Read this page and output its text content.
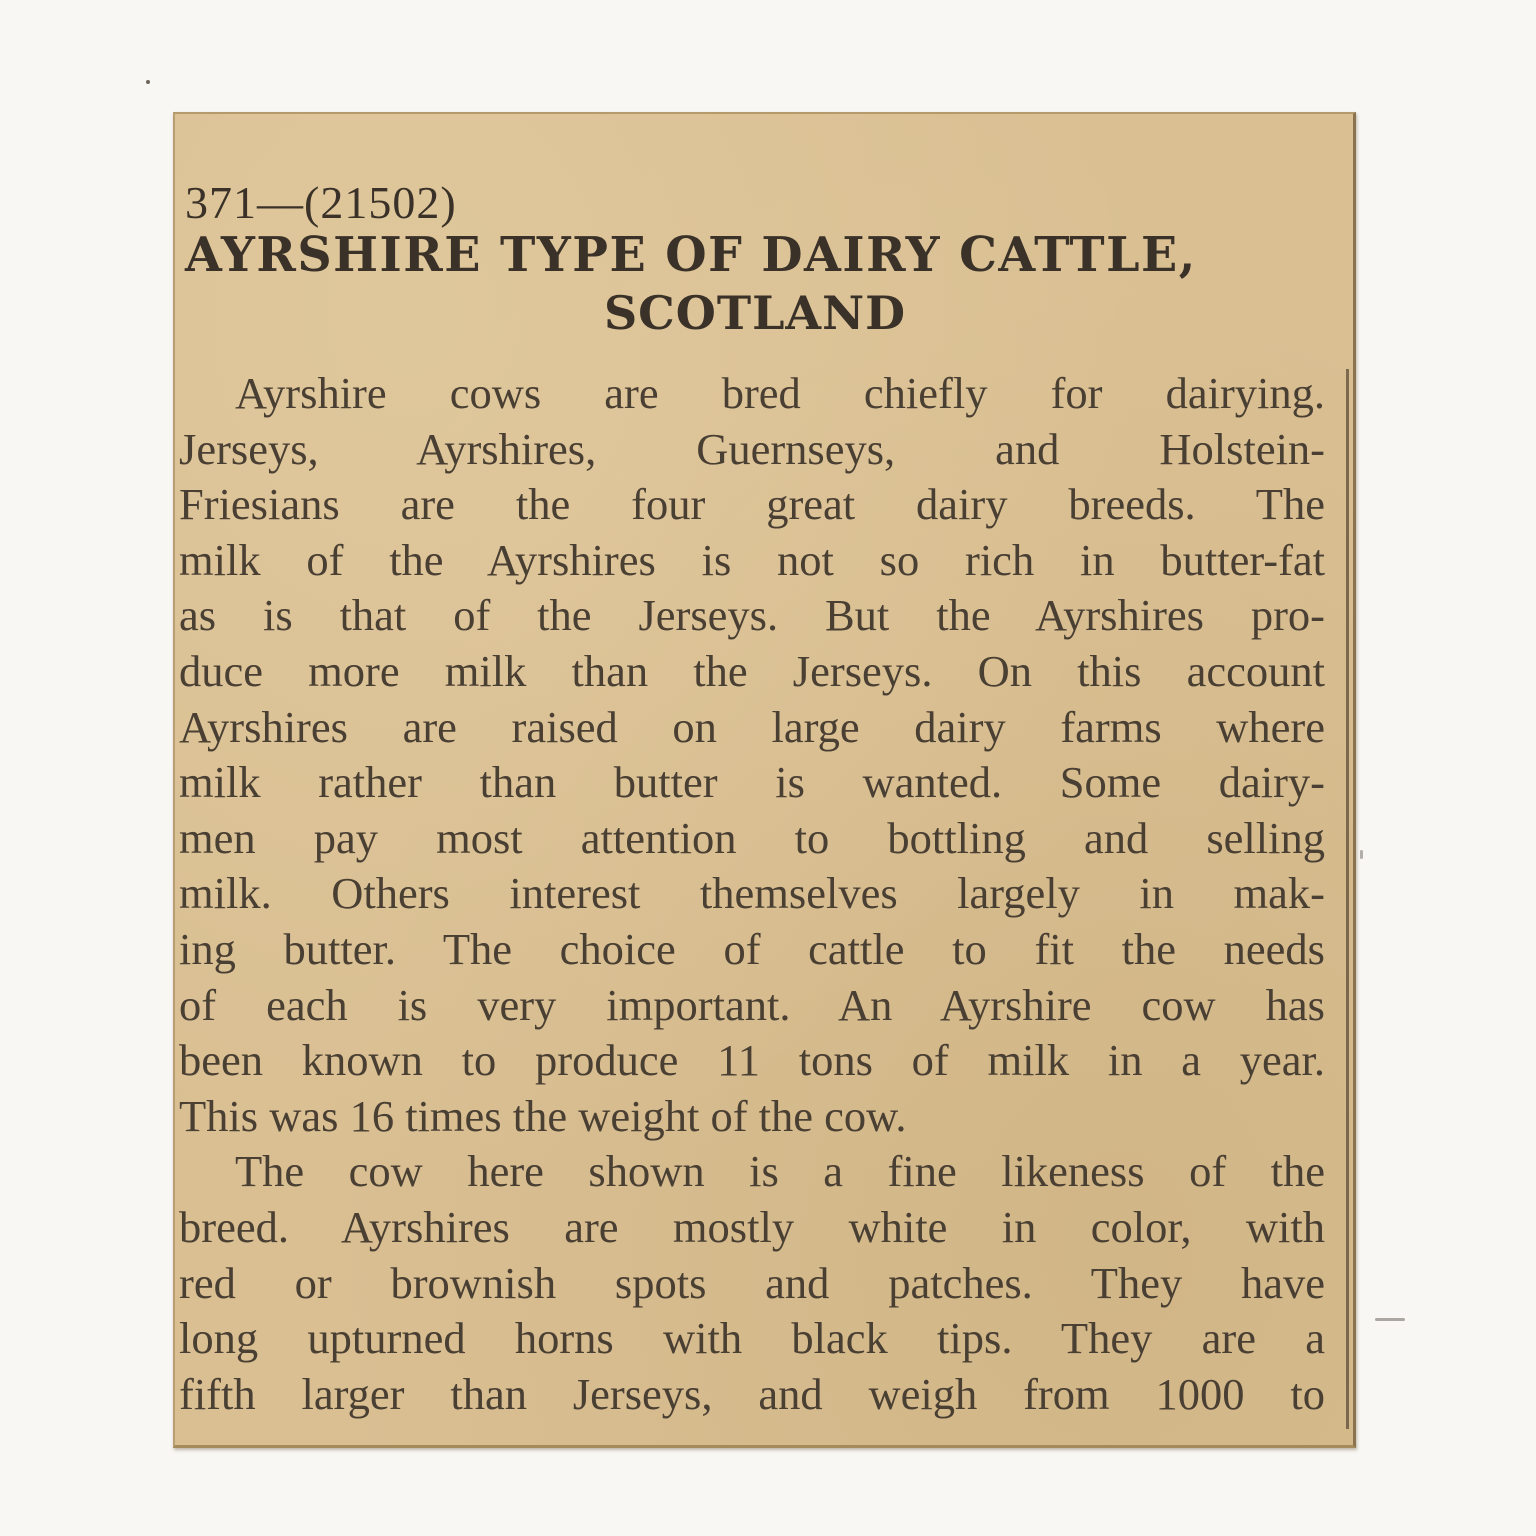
371—(21502)
AYRSHIRE TYPE OF DAIRY CATTLE,
SCOTLAND

Ayrshire cows are bred chiefly for dairying.
Jerseys, Ayrshires, Guernseys, and Holstein-
Friesians are the four great dairy breeds. The
milk of the Ayrshires is not so rich in butter-fat
as is that of the Jerseys. But the Ayrshires pro-
duce more milk than the Jerseys. On this account
Ayrshires are raised on large dairy farms where
milk rather than butter is wanted. Some dairy-
men pay most attention to bottling and selling
milk. Others interest themselves largely in mak-
ing butter. The choice of cattle to fit the needs
of each is very important. An Ayrshire cow has
been known to produce 11 tons of milk in a year.
This was 16 times the weight of the cow.

The cow here shown is a fine likeness of the
breed. Ayrshires are mostly white in color, with
red or brownish spots and patches. They have
long upturned horns with black tips. They are a
fifth larger than Jerseys, and weigh from 1000 to
